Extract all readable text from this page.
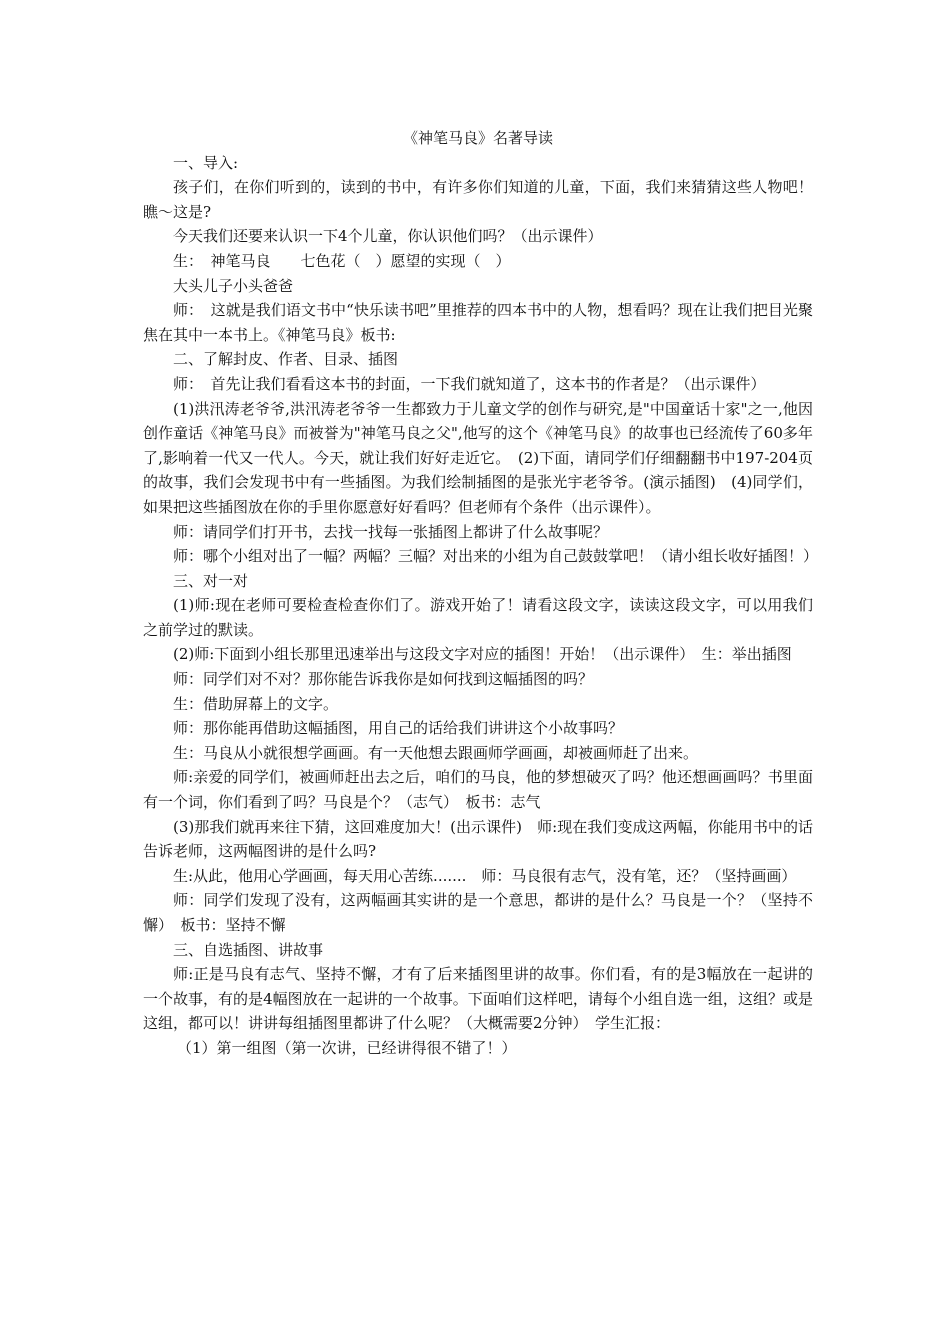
《神笔马良》名著导读

一、导入:

孩子们，在你们听到的，读到的书中，有许多你们知道的儿童，下面，我们来猜猜这些人物吧！瞧～这是?

今天我们还要来认识一下4个儿童，你认识他们吗？（出示课件）

生：　神笔马良　　七色花（　）愿望的实现（　）

大头儿子小头爸爸

师：　这就是我们语文书中“快乐读书吧”里推荐的四本书中的人物，想看吗？现在让我们把目光聚焦在其中一本书上。《神笔马良》板书:

二、了解封皮、作者、目录、插图

师：　首先让我们看看这本书的封面，一下我们就知道了，这本书的作者是？（出示课件）

(1)洪汛涛老爷爷,洪汛涛老爷爷一生都致力于儿童文学的创作与研究,是"中国童话十家"之一,他因创作童话《神笔马良》而被誉为"神笔马良之父",他写的这个《神笔马良》的故事也已经流传了60多年了,影响着一代又一代人。今天，就让我们好好走近它。　(2)下面，请同学们仔细翻翻书中197-204页的故事，我们会发现书中有一些插图。为我们绘制插图的是张光宇老爷爷。(演示插图)　(4)同学们，如果把这些插图放在你的手里你愿意好好看吗？但老师有个条件（出示课件）。

师：请同学们打开书，去找一找每一张插图上都讲了什么故事呢？

师：哪个小组对出了一幅？两幅？三幅？对出来的小组为自己鼓鼓掌吧！（请小组长收好插图！）

三、对一对

(1)师:现在老师可要检查检查你们了。游戏开始了！请看这段文字，读读这段文字，可以用我们之前学过的默读。

(2)师:下面到小组长那里迅速举出与这段文字对应的插图！开始！（出示课件）　生：举出插图

师：同学们对不对？那你能告诉我你是如何找到这幅插图的吗？

生：借助屏幕上的文字。

师：那你能再借助这幅插图，用自己的话给我们讲讲这个小故事吗？

生：马良从小就很想学画画。有一天他想去跟画师学画画，却被画师赶了出来。

师:亲爱的同学们，被画师赶出去之后，咱们的马良，他的梦想破灭了吗？他还想画画吗？书里面有一个词，你们看到了吗？马良是个？（志气）　板书：志气

(3)那我们就再来往下猜，这回难度加大！(出示课件)　师:现在我们变成这两幅，你能用书中的话告诉老师，这两幅图讲的是什么吗?

生:从此，他用心学画画，每天用心苦练.......　师：马良很有志气，没有笔，还？（坚持画画）

师：同学们发现了没有，这两幅画其实讲的是一个意思，都讲的是什么？马良是一个？（坚持不懈）　板书：坚持不懈

三、自选插图、讲故事

师:正是马良有志气、坚持不懈，才有了后来插图里讲的故事。你们看，有的是3幅放在一起讲的一个故事，有的是4幅图放在一起讲的一个故事。下面咱们这样吧，请每个小组自选一组，这组？或是这组，都可以！讲讲每组插图里都讲了什么呢？（大概需要2分钟）　学生汇报：

（1）第一组图（第一次讲，已经讲得很不错了！）
